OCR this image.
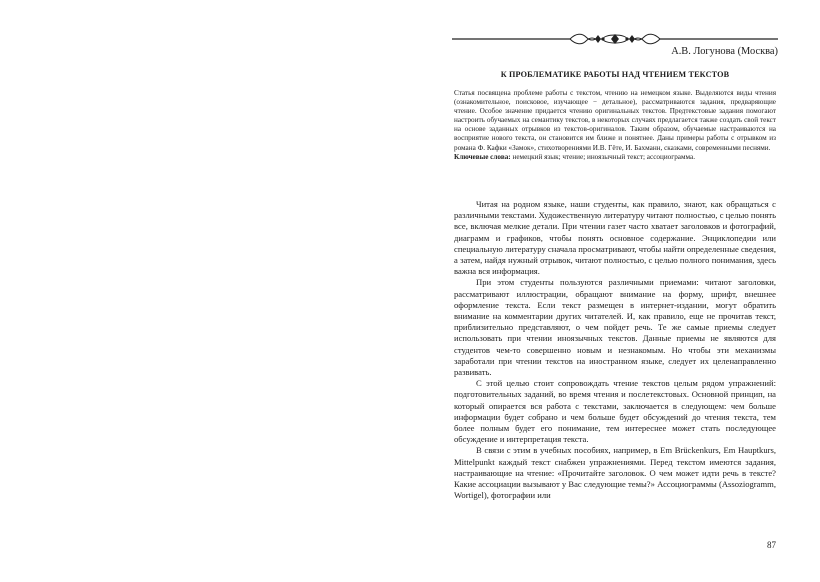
А.В. Логунова (Москва)
К ПРОБЛЕМАТИКЕ РАБОТЫ НАД ЧТЕНИЕМ ТЕКСТОВ

Статья посвящена проблеме работы с текстом, чтению на немецком языке. Выделяются виды чтения (ознакомительное, поисковое, изучающее − детальное), рассматриваются задания, предваряющие чтение. Особое значение придается чтению оригинальных текстов. Предтекстовые задания помогают настроить обучаемых на семантику текстов, в некоторых случаях предлагается также создать свой текст на основе заданных отрывков из текстов-оригиналов. Таким образом, обучаемые настраиваются на восприятие нового текста, он становится им ближе и понятнее. Даны примеры работы с отрывком из романа Ф. Кафки «Замок», стихотворениями И.В. Гёте, И. Бахманн, сказками, современными песнями.
Ключевые слова: немецкий язык; чтение; иноязычный текст; ассоциограмма.

Читая на родном языке, наши студенты, как правило, знают, как обращаться с различными текстами. Художественную литературу читают полностью, с целью понять все, включая мелкие детали. При чтении газет часто хватает заголовков и фотографий, диаграмм и графиков, чтобы понять основное содержание. Энциклопедии или специальную литературу сначала просматривают, чтобы найти определенные сведения, а затем, найдя нужный отрывок, читают полностью, с целью полного понимания, здесь важна вся информация.

При этом студенты пользуются различными приемами: читают заголовки, рассматривают иллюстрации, обращают внимание на форму, шрифт, внешнее оформление текста. Если текст размещен в интернет-издании, могут обратить внимание на комментарии других читателей. И, как правило, еще не прочитав текст, приблизительно представляют, о чем пойдет речь. Те же самые приемы следует использовать при чтении иноязычных текстов. Данные приемы не являются для студентов чем-то совершенно новым и незнакомым. Но чтобы эти механизмы заработали при чтении текстов на иностранном языке, следует их целенаправленно развивать.

С этой целью стоит сопровождать чтение текстов целым рядом упражнений: подготовительных заданий, во время чтения и послетекстовых. Основной принцип, на который опирается вся работа с текстами, заключается в следующем: чем больше информации будет собрано и чем больше будет обсуждений до чтения текста, тем более полным будет его понимание, тем интереснее может стать последующее обсуждение и интерпретация текста.

В связи с этим в учебных пособиях, например, в Em Brückenkurs, Em Hauptkurs, Mittelpunkt каждый текст снабжен упражнениями. Перед текстом имеются задания, настраивающие на чтение: «Прочитайте заголовок. О чем может идти речь в тексте? Какие ассоциации вызывают у Вас следующие темы?» Ассоциограммы (Assoziogramm, Wortigel), фотографии или

87
